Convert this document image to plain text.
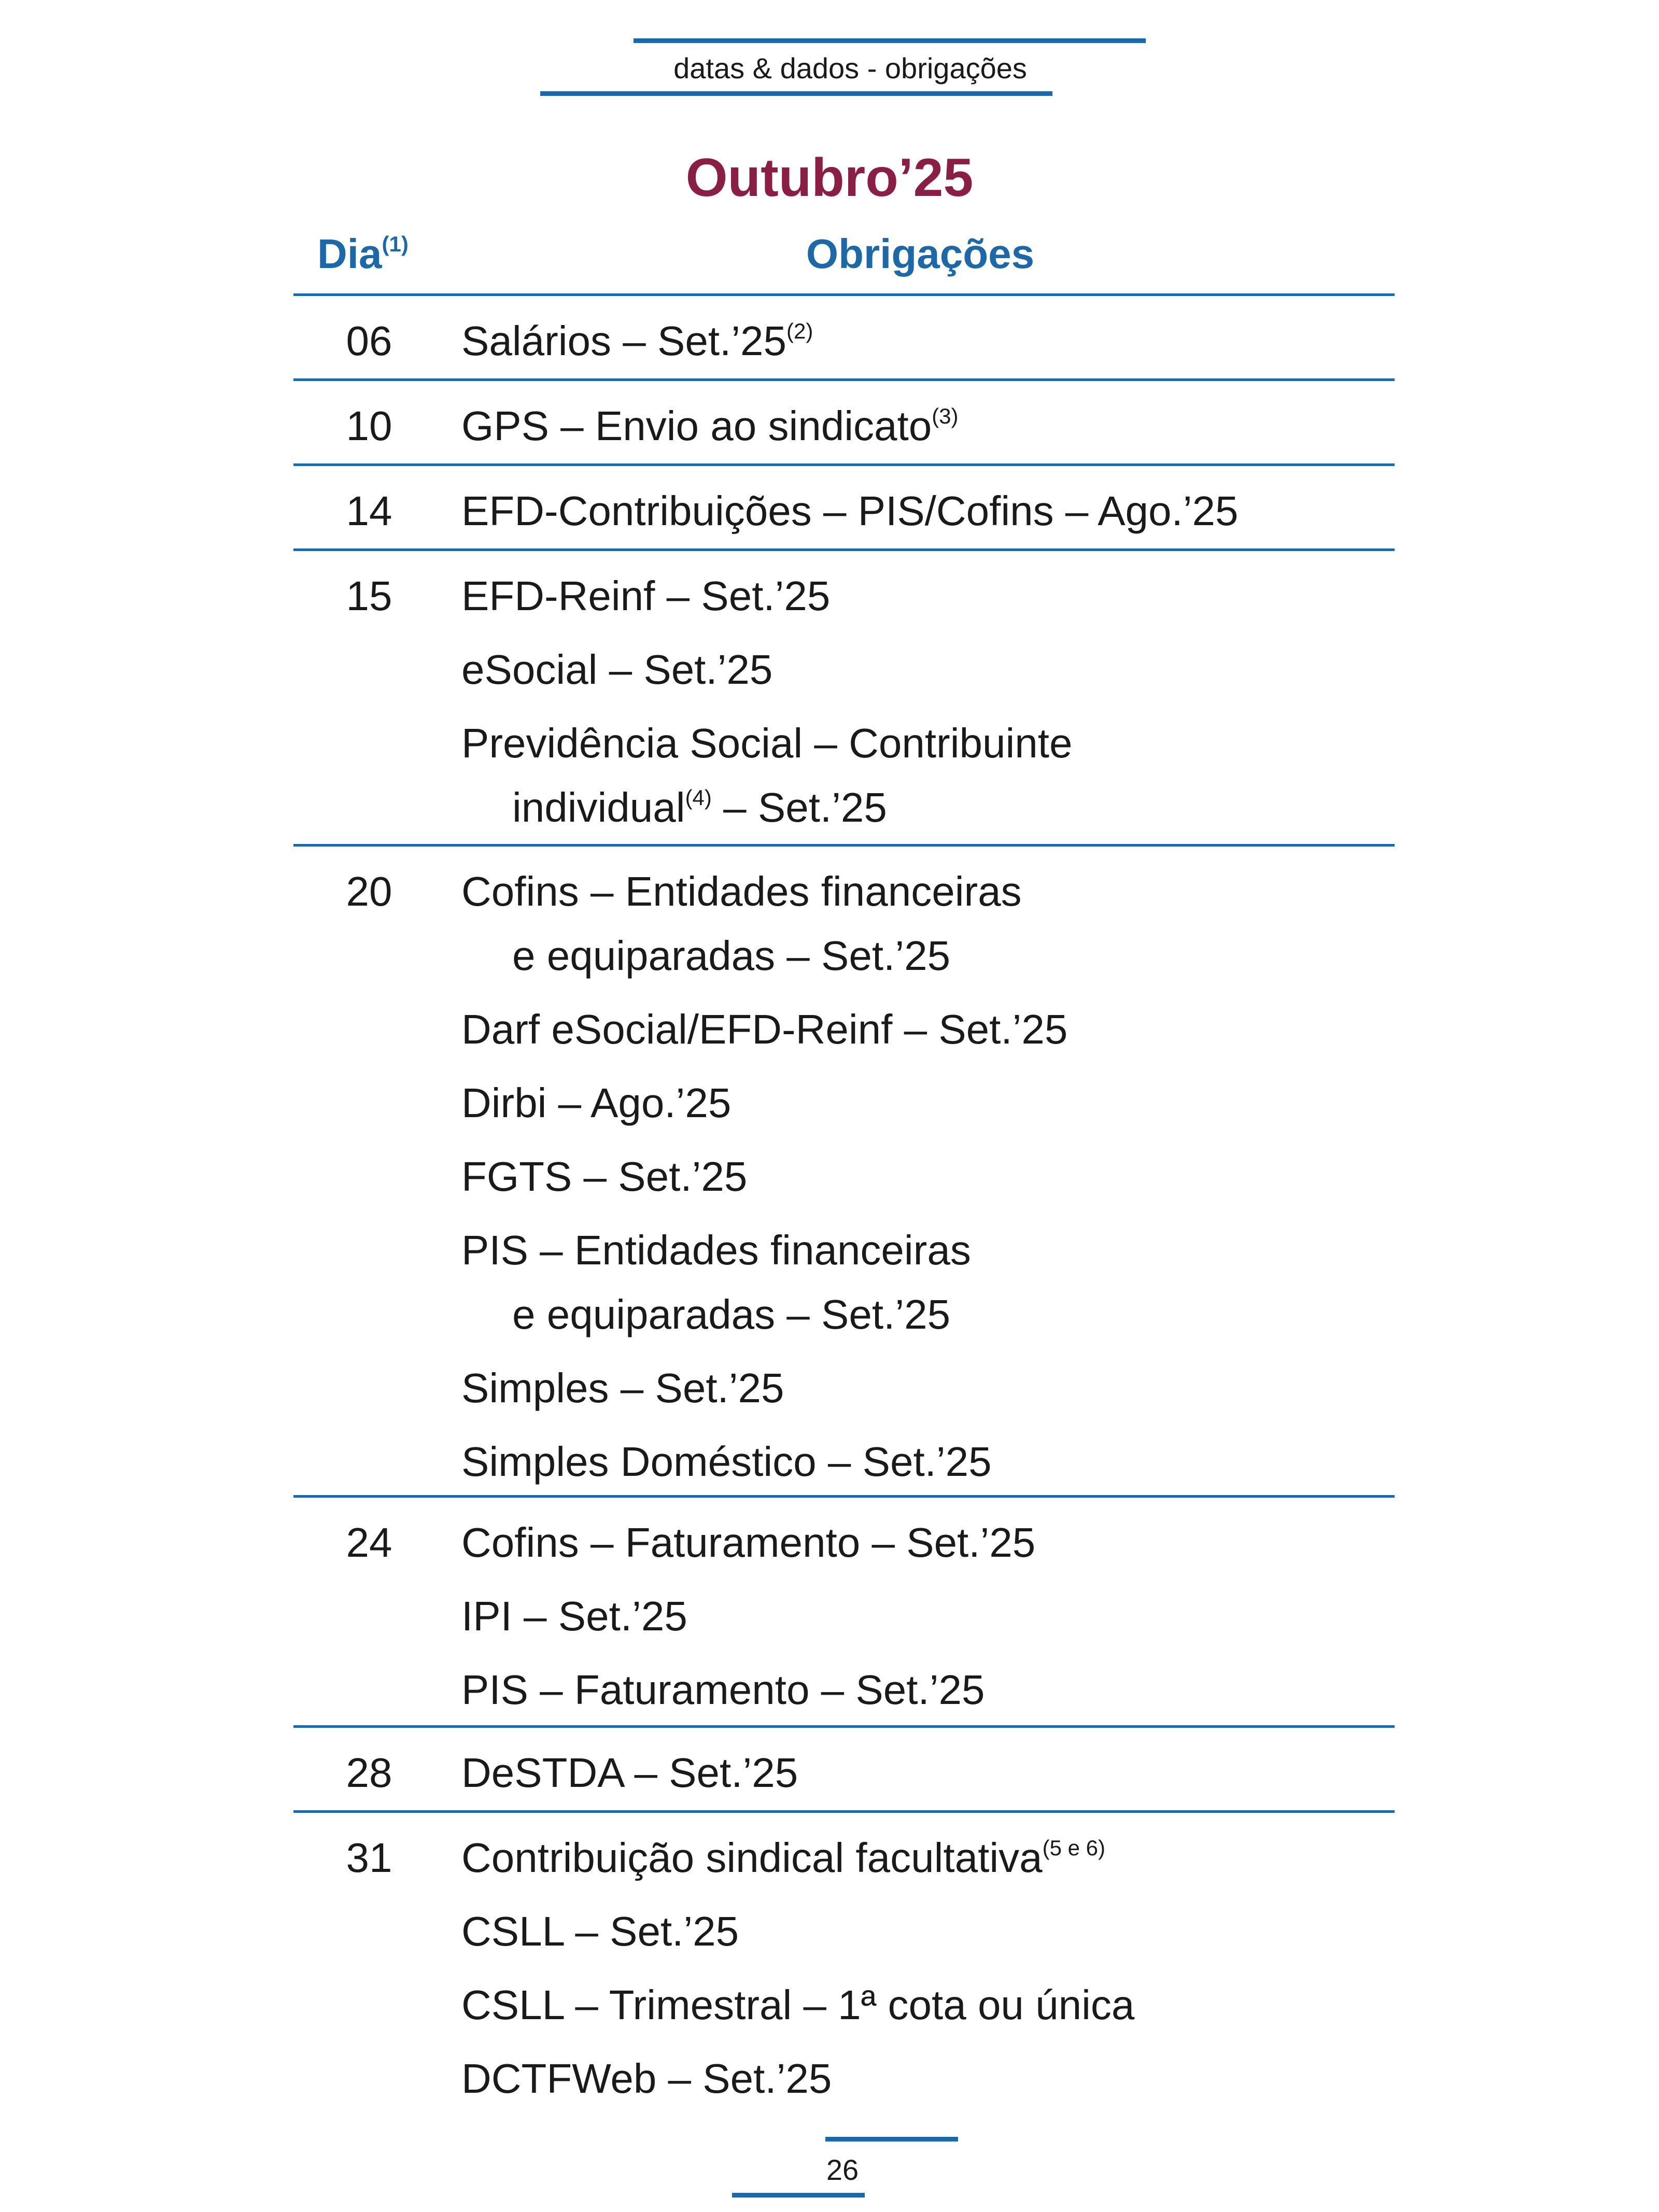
datas & dados - obrigações
Outubro’25
Dia$^{(1)}$	Obrigações
06	Salários – Set.’25$^{(2)}$
10	GPS – Envio ao sindicato$^{(3)}$
14	EFD-Contribuições – PIS/Cofins – Ago.’25
15	EFD-Reinf – Set.’25
eSocial – Set.’25
Previdência Social – Contribuinte
individual$^{(4)}$ – Set.’25
20	Cofins – Entidades financeiras
e equiparadas – Set.’25
Darf eSocial/EFD-Reinf – Set.’25
Dirbi – Ago.’25
FGTS – Set.’25
PIS – Entidades financeiras
e equiparadas – Set.’25
Simples – Set.’25
Simples Doméstico – Set.’25
24	Cofins – Faturamento – Set.’25
IPI – Set.’25
PIS – Faturamento – Set.’25
28	DeSTDA – Set.’25
31	Contribuição sindical facultativa$^{(5 e 6)}$
CSLL – Set.’25
CSLL – Trimestral – 1ª cota ou única
DCTFWeb – Set.’25
26
